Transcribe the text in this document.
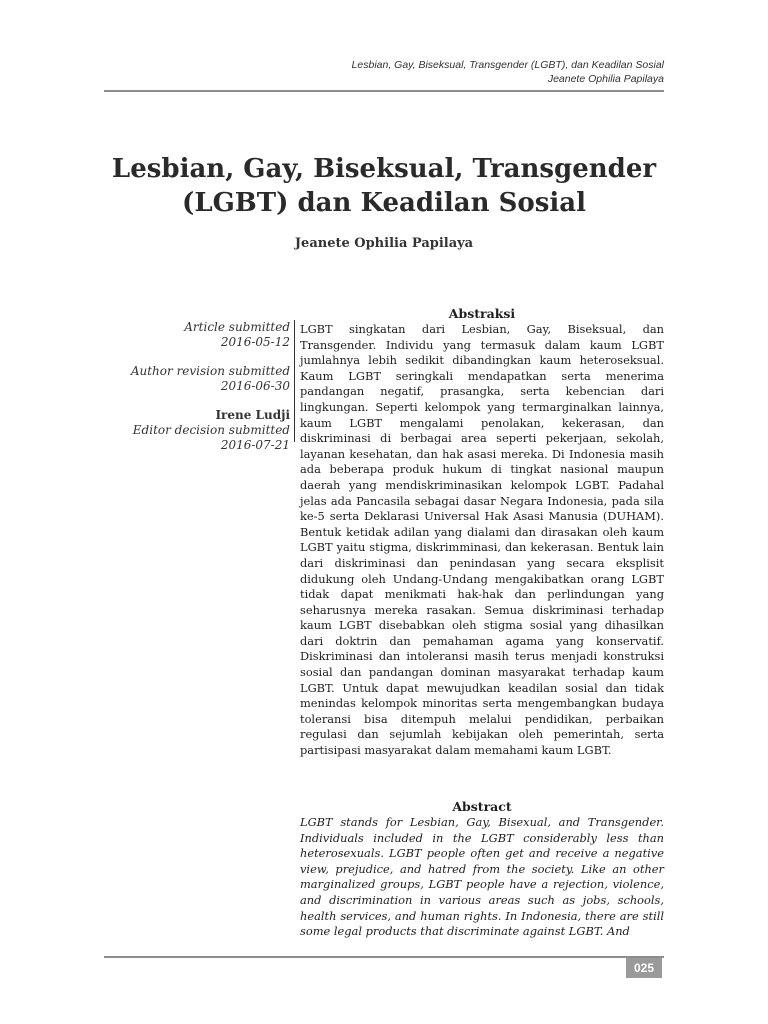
Lesbian, Gay, Biseksual, Transgender (LGBT), dan Keadilan Sosial
Jeanete Ophilia Papilaya
Lesbian, Gay, Biseksual, Transgender
(LGBT) dan Keadilan Sosial
Jeanete Ophilia Papilaya
Article submitted
2016-05-12
Author revision submitted
2016-06-30
Irene Ludji
Editor decision submitted
2016-07-21
Abstraksi

LGBT singkatan dari Lesbian, Gay, Biseksual, dan Transgender. Individu yang termasuk dalam kaum LGBT jumlahnya lebih sedikit dibandingkan kaum heteroseksual. Kaum LGBT seringkali mendapatkan serta menerima pandangan negatif, prasangka, serta kebencian dari lingkungan. Seperti kelompok yang termarginalkan lainnya, kaum LGBT mengalami penolakan, kekerasan, dan diskriminasi di berbagai area seperti pekerjaan, sekolah, layanan kesehatan, dan hak asasi mereka. Di Indonesia masih ada beberapa produk hukum di tingkat nasional maupun daerah yang mendiskriminasikan kelompok LGBT. Padahal jelas ada Pancasila sebagai dasar Negara Indonesia, pada sila ke-5 serta Deklarasi Universal Hak Asasi Manusia (DUHAM). Bentuk ketidak adilan yang dialami dan dirasakan oleh kaum LGBT yaitu stigma, diskrimminasi, dan kekerasan. Bentuk lain dari diskriminasi dan penindasan yang secara eksplisit didukung oleh Undang-Undang mengakibatkan orang LGBT tidak dapat menikmati hak-hak dan perlindungan yang seharusnya mereka rasakan. Semua diskriminasi terhadap kaum LGBT disebabkan oleh stigma sosial yang dihasilkan dari doktrin dan pemahaman agama yang konservatif. Diskriminasi dan intoleransi masih terus menjadi konstruksi sosial dan pandangan dominan masyarakat terhadap kaum LGBT. Untuk dapat mewujudkan keadilan sosial dan tidak menindas kelompok minoritas serta mengembangkan budaya toleransi bisa ditempuh melalui pendidikan, perbaikan regulasi dan sejumlah kebijakan oleh pemerintah, serta partisipasi masyarakat dalam memahami kaum LGBT.

Abstract

LGBT stands for Lesbian, Gay, Bisexual, and Transgender. Individuals included in the LGBT considerably less than heterosexuals. LGBT people often get and receive a negative view, prejudice, and hatred from the society. Like an other marginalized groups, LGBT people have a rejection, violence, and discrimination in various areas such as jobs, schools, health services, and human rights. In Indonesia, there are still some legal products that discriminate against LGBT. And

025
